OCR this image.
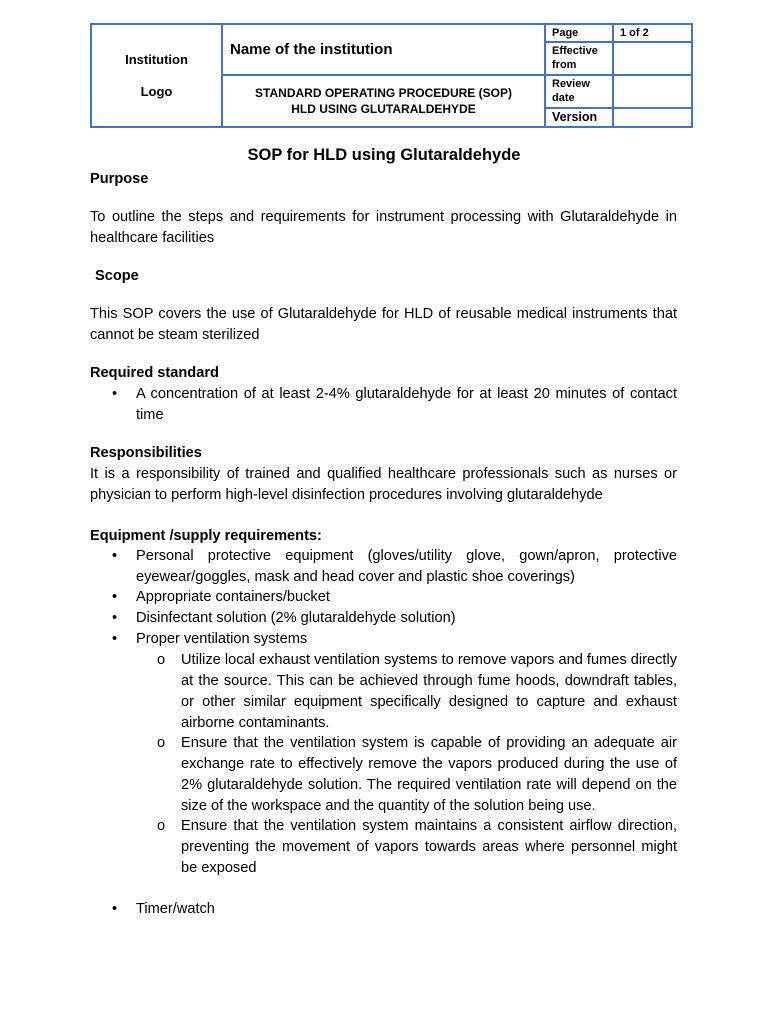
Institution
Logo
Name of the institution
STANDARD OPERATING PROCEDURE (SOP)
HLD USING GLUTARALDEHYDE
Page	1 of 2
Effective from
Review date
Version
SOP for HLD using Glutaraldehyde
Purpose
To outline the steps and requirements for instrument processing with Glutaraldehyde in healthcare facilities
Scope
This SOP covers the use of Glutaraldehyde for HLD of reusable medical instruments that cannot be steam sterilized
Required standard
• A concentration of at least 2-4% glutaraldehyde for at least 20 minutes of contact time
Responsibilities
It is a responsibility of trained and qualified healthcare professionals such as nurses or physician to perform high-level disinfection procedures involving glutaraldehyde
Equipment /supply requirements:
• Personal protective equipment (gloves/utility glove, gown/apron, protective eyewear/goggles, mask and head cover and plastic shoe coverings)
• Appropriate containers/bucket
• Disinfectant solution (2% glutaraldehyde solution)
• Proper ventilation systems
o Utilize local exhaust ventilation systems to remove vapors and fumes directly at the source. This can be achieved through fume hoods, downdraft tables, or other similar equipment specifically designed to capture and exhaust airborne contaminants.
o Ensure that the ventilation system is capable of providing an adequate air exchange rate to effectively remove the vapors produced during the use of 2% glutaraldehyde solution. The required ventilation rate will depend on the size of the workspace and the quantity of the solution being use.
o Ensure that the ventilation system maintains a consistent airflow direction, preventing the movement of vapors towards areas where personnel might be exposed
• Timer/watch
